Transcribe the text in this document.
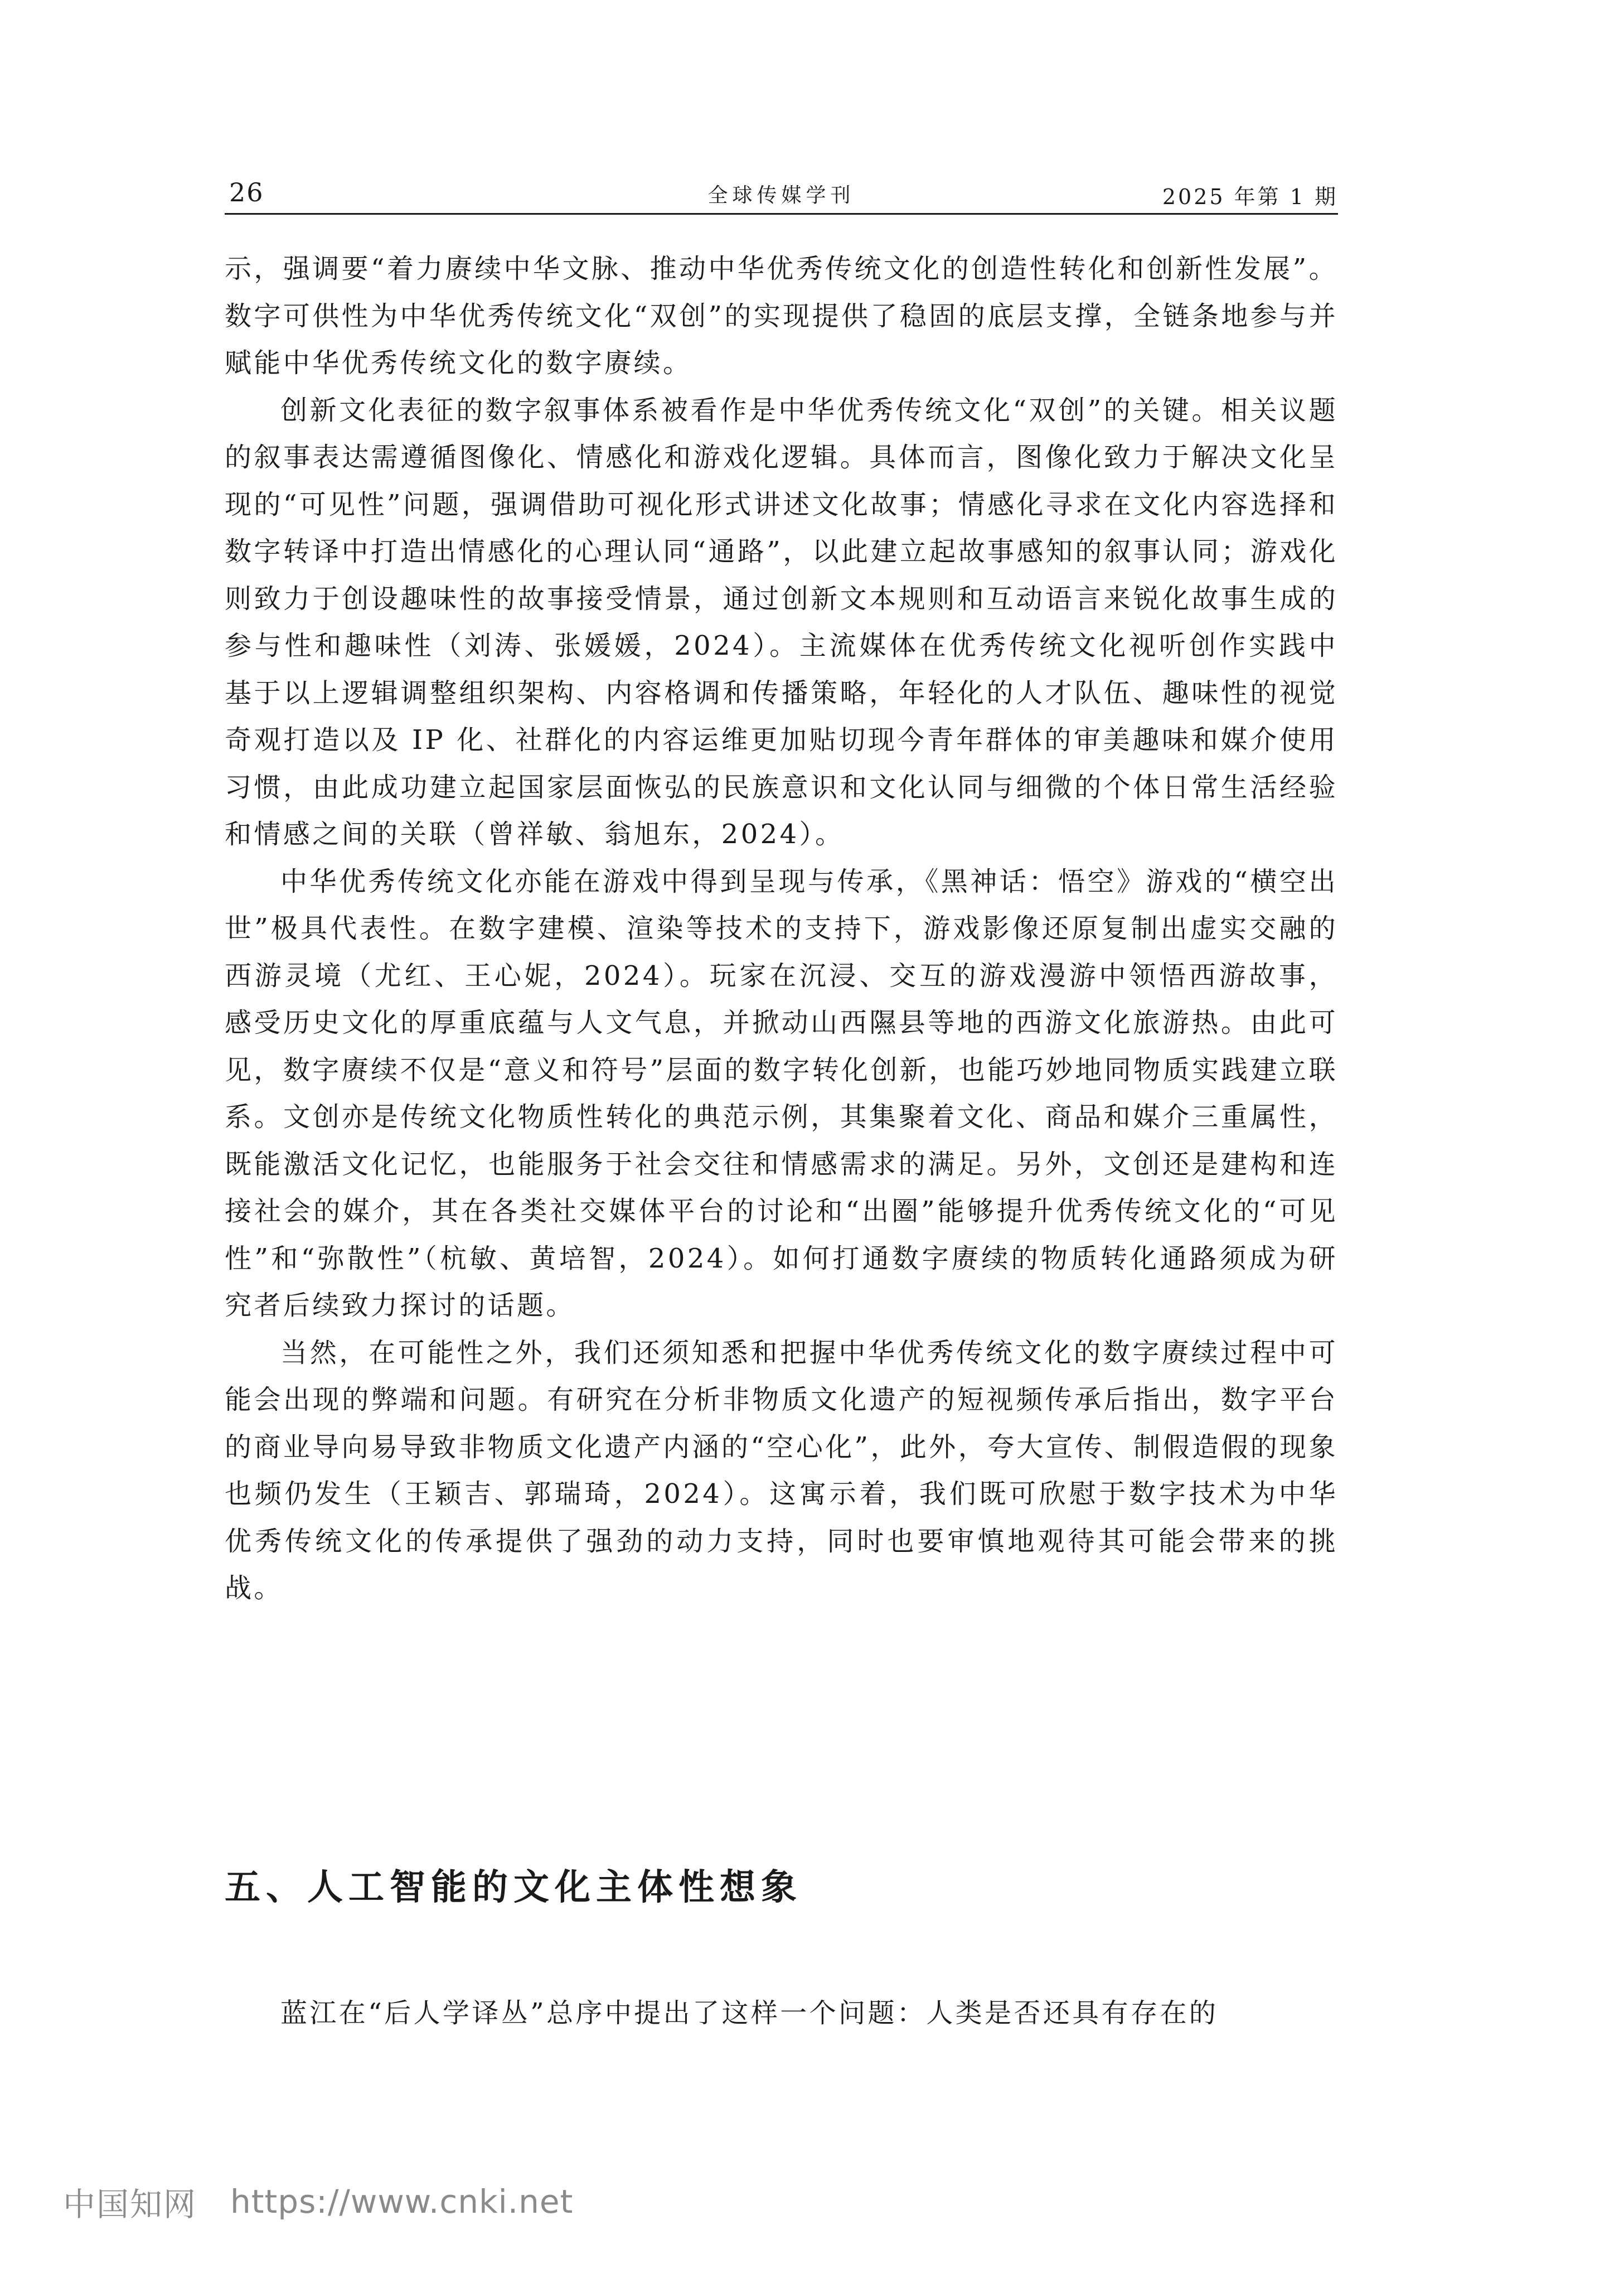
26	全球传媒学刊	2025 年第 1 期

示，强调要“着力赓续中华文脉、推动中华优秀传统文化的创造性转化和创新性发展”。数字可供性为中华优秀传统文化“双创”的实现提供了稳固的底层支撑，全链条地参与并赋能中华优秀传统文化的数字赓续。

创新文化表征的数字叙事体系被看作是中华优秀传统文化“双创”的关键。相关议题的叙事表达需遵循图像化、情感化和游戏化逻辑。具体而言，图像化致力于解决文化呈现的“可见性”问题，强调借助可视化形式讲述文化故事；情感化寻求在文化内容选择和数字转译中打造出情感化的心理认同“通路”，以此建立起故事感知的叙事认同；游戏化则致力于创设趣味性的故事接受情景，通过创新文本规则和互动语言来锐化故事生成的参与性和趣味性（刘涛、张媛媛，2024）。主流媒体在优秀传统文化视听创作实践中基于以上逻辑调整组织架构、内容格调和传播策略，年轻化的人才队伍、趣味性的视觉奇观打造以及 IP 化、社群化的内容运维更加贴切现今青年群体的审美趣味和媒介使用习惯，由此成功建立起国家层面恢弘的民族意识和文化认同与细微的个体日常生活经验和情感之间的关联（曾祥敏、翁旭东，2024）。

中华优秀传统文化亦能在游戏中得到呈现与传承，《黑神话：悟空》游戏的“横空出世”极具代表性。在数字建模、渲染等技术的支持下，游戏影像还原复制出虚实交融的西游灵境（尤红、王心妮，2024）。玩家在沉浸、交互的游戏漫游中领悟西游故事，感受历史文化的厚重底蕴与人文气息，并掀动山西隰县等地的西游文化旅游热。由此可见，数字赓续不仅是“意义和符号”层面的数字转化创新，也能巧妙地同物质实践建立联系。文创亦是传统文化物质性转化的典范示例，其集聚着文化、商品和媒介三重属性，既能激活文化记忆，也能服务于社会交往和情感需求的满足。另外，文创还是建构和连接社会的媒介，其在各类社交媒体平台的讨论和“出圈”能够提升优秀传统文化的“可见性”和“弥散性”（杭敏、黄培智，2024）。如何打通数字赓续的物质转化通路须成为研究者后续致力探讨的话题。

当然，在可能性之外，我们还须知悉和把握中华优秀传统文化的数字赓续过程中可能会出现的弊端和问题。有研究在分析非物质文化遗产的短视频传承后指出，数字平台的商业导向易导致非物质文化遗产内涵的“空心化”，此外，夸大宣传、制假造假的现象也频仍发生（王颖吉、郭瑞琦，2024）。这寓示着，我们既可欣慰于数字技术为中华优秀传统文化的传承提供了强劲的动力支持，同时也要审慎地观待其可能会带来的挑战。

五、人工智能的文化主体性想象
蓝江在“后人学译丛”总序中提出了这样一个问题：人类是否还具有存在的
中国知网 https://www.cnki.net
